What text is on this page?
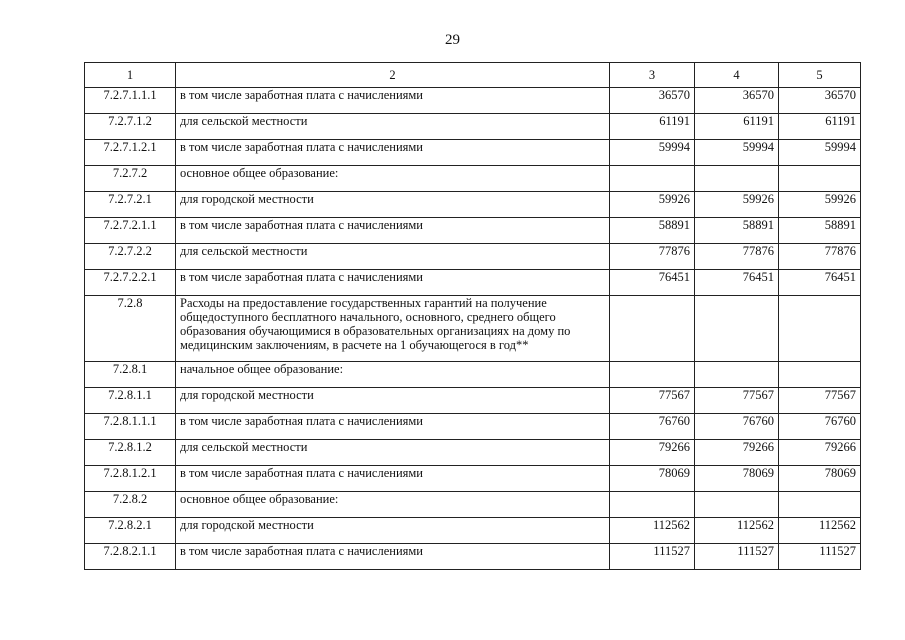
29
1	2	3	4	5
7.2.7.1.1.1	в том числе заработная плата с начислениями	36570	36570	36570
7.2.7.1.2	для сельской местности	61191	61191	61191
7.2.7.1.2.1	в том числе заработная плата с начислениями	59994	59994	59994
7.2.7.2	основное общее образование:			
7.2.7.2.1	для городской местности	59926	59926	59926
7.2.7.2.1.1	в том числе заработная плата с начислениями	58891	58891	58891
7.2.7.2.2	для сельской местности	77876	77876	77876
7.2.7.2.2.1	в том числе заработная плата с начислениями	76451	76451	76451
7.2.8	Расходы на предоставление государственных гарантий на получение общедоступного бесплатного начального, основного, среднего общего образования обучающимися в образовательных организациях на дому по медицинским заключениям, в расчете на 1 обучающегося в год**			
7.2.8.1	начальное общее образование:			
7.2.8.1.1	для городской местности	77567	77567	77567
7.2.8.1.1.1	в том числе заработная плата с начислениями	76760	76760	76760
7.2.8.1.2	для сельской местности	79266	79266	79266
7.2.8.1.2.1	в том числе заработная плата с начислениями	78069	78069	78069
7.2.8.2	основное общее образование:			
7.2.8.2.1	для городской местности	112562	112562	112562
7.2.8.2.1.1	в том числе заработная плата с начислениями	111527	111527	111527
